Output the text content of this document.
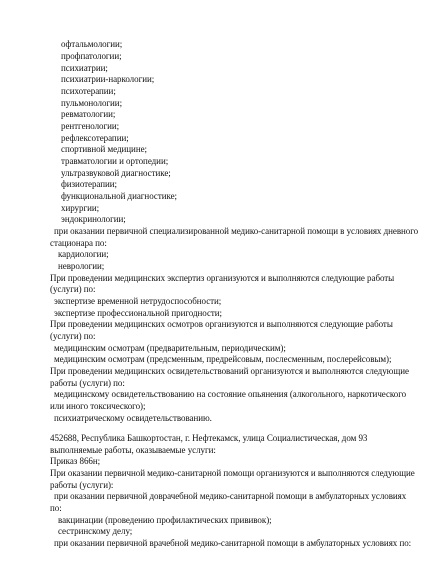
офтальмологии;
профпатологии;
психиатрии;
психиатрии-наркологии;
психотерапии;
пульмонологии;
ревматологии;
рентгенологии;
рефлексотерапии;
спортивной медицине;
травматологии и ортопедии;
ультразвуковой диагностике;
физиотерапии;
функциональной диагностике;
хирургии;
эндокринологии;
при оказании первичной специализированной медико-санитарной помощи в условиях дневного
стационара по:
кардиологии;
неврологии;
При проведении медицинских экспертиз организуются и выполняются следующие работы
(услуги) по:
экспертизе временной нетрудоспособности;
экспертизе профессиональной пригодности;
При проведении медицинских осмотров организуются и выполняются следующие работы
(услуги) по:
медицинским осмотрам (предварительным, периодическим);
медицинским осмотрам (предсменным, предрейсовым, послесменным, послерейсовым);
При проведении медицинских освидетельствований организуются и выполняются следующие
работы (услуги) по:
медицинскому освидетельствованию на состояние опьянения (алкогольного, наркотического
или иного токсического);
психиатрическому освидетельствованию.
452688, Республика Башкортостан, г. Нефтекамск, улица Социалистическая, дом 93
выполняемые работы, оказываемые услуги:
Приказ 866н;
При оказании первичной медико-санитарной помощи организуются и выполняются следующие
работы (услуги):
при оказании первичной доврачебной медико-санитарной помощи в амбулаторных условиях
по:
вакцинации (проведению профилактических прививок);
сестринскому делу;
при оказании первичной врачебной медико-санитарной помощи в амбулаторных условиях по:
